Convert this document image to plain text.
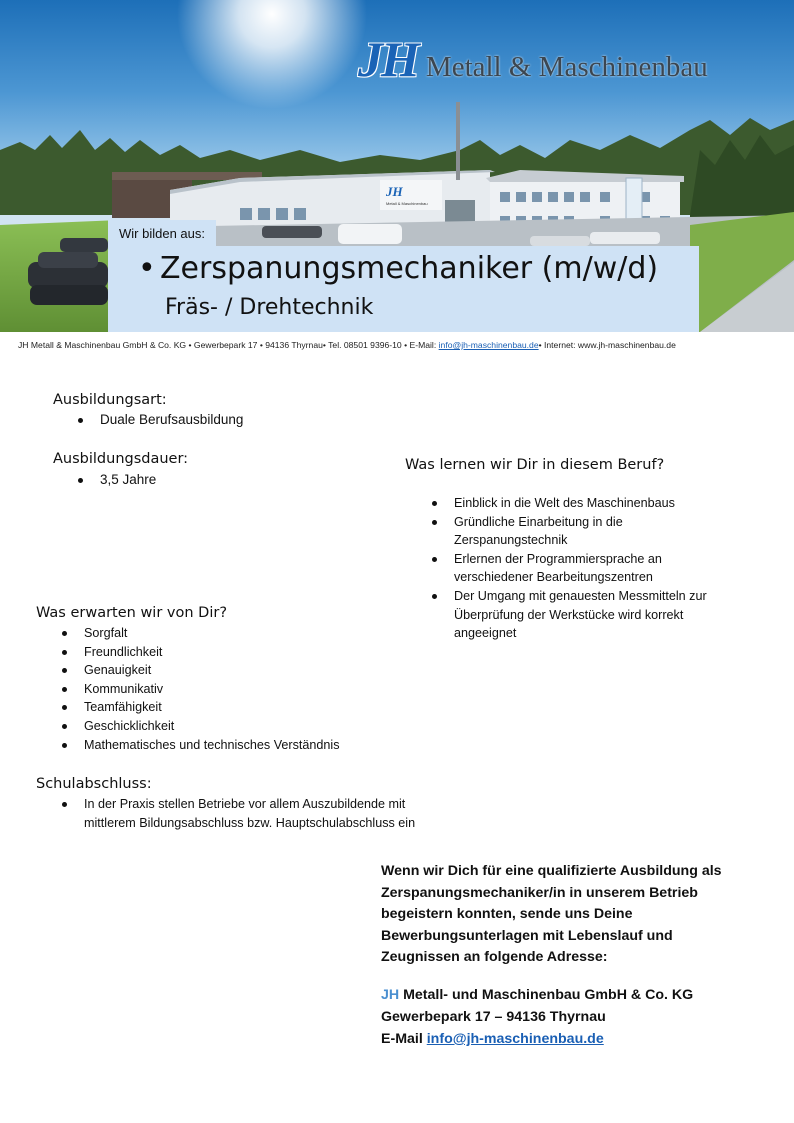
JH
Metall & Maschinenbau
JH Metall & Maschinenbau
Wir bilden aus:
• Zerspanungsmechaniker (m/w/d)
Fräs- / Drehtechnik
JH Metall & Maschinenbau GmbH & Co. KG • Gewerbepark 17 • 94136 Thyrnau• Tel. 08501 9396-10 • E-Mail: info@jh-maschinenbau.de• Internet: www.jh-maschinenbau.de
Ausbildungsart:
Duale Berufsausbildung
Ausbildungsdauer:
3,5 Jahre
Was erwarten wir von Dir?
Sorgfalt
Freundlichkeit
Genauigkeit
Kommunikativ
Teamfähigkeit
Geschicklichkeit
Mathematisches und technisches Verständnis
Schulabschluss:
In der Praxis stellen Betriebe vor allem Auszubildende mit mittlerem Bildungsabschluss bzw. Hauptschulabschluss ein
Was lernen wir Dir in diesem Beruf?
Einblick in die Welt des Maschinenbaus
Gründliche Einarbeitung in die Zerspanungstechnik
Erlernen der Programmiersprache an verschiedener Bearbeitungszentren
Der Umgang mit genauesten Messmitteln zur Überprüfung der Werkstücke wird korrekt angeeignet
Wenn wir Dich für eine qualifizierte Ausbildung als Zerspanungsmechaniker/in in unserem Betrieb begeistern konnten, sende uns Deine Bewerbungsunterlagen mit Lebenslauf und Zeugnissen an folgende Adresse:
JH Metall- und Maschinenbau GmbH & Co. KG
Gewerbepark 17 – 94136 Thyrnau
E-Mail info@jh-maschinenbau.de
